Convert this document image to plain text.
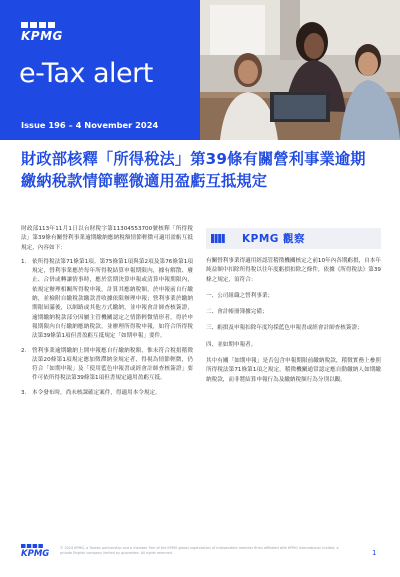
KPMG
e-Tax alert
Issue 196 – 4 November 2024
財政部核釋「所得稅法」第39條有關營利事業逾期繳納稅款情節輕微適用盈虧互抵規定

財政部113年11月1日以台財稅字第11304553700號核釋「所得稅法」第39條有關營利事業逾期繳納應納稅額情節輕微可適用盈虧互抵規定，內容如下：

1. 依所得稅法第71條第1項、第75條第1項與第2項及第76條第1項規定，營利事業應於每年所得稅結算申報期限內，據有解散、廢止、合併或轉讓情事時，應於當期決算申報或清算申報期限內，依規定辦理相關所得稅申報，計算其應納稅額，於申報前自行繳納，並檢附自繳稅款繳款書收據依限辦理申報；營利事業於繳納期限屆滿後，以網路或其他方式繳納，並申報會計師查核簽證，逾期繳納稅款部分因屬主管機關認定之情節輕微情形者，得於申報期限內自行繳納應納稅款，並辦理所得稅申報，如符合所得稅法第39條第1項但書盈虧互抵規定「如期申報」要件。
2. 營利事業逾期繳納上開申報應自行繳納稅額，惟未符合稅捐稽徵法第20條第1項規定應加徵滯納金規定者，得視為情節輕微，仍符合「如期申報」及「使用藍色申報書或經會計師查核簽證」要件可依所得稅法第39條第1項但書規定適用盈虧互抵。
3. 本令發布時，尚未核課確定案件，得適用本令規定。
KPMG 觀察

有關營利事業得適用經認管稽徵機關核定之前10年內各期虧損，自本年純益額中扣除所得稅以往年度虧損扣除之條件，依據《所得稅法》第39條之規定，須符合：

一、公司組織之營利事業；

二、會計帳冊簿據完備；

三、虧損及申報扣除年度均採藍色申報書或經會計師查核簽證；

四、並如期申報者。

其中有關「如期申報」是否包含申報期限前繳納稅款，稽徵實務上參照所得稅法第71條第1項之規定，稽徵機關通常認定應自動繳納人如期繳納稅款，而非將結算申報行為及繳納稅額行為分別以觀。

KPMG
© 2024 KPMG, a Taiwan partnership and a member firm of the KPMG global organization of independent member firms affiliated with KPMG International Limited, a private English company limited by guarantee. All rights reserved.	1
